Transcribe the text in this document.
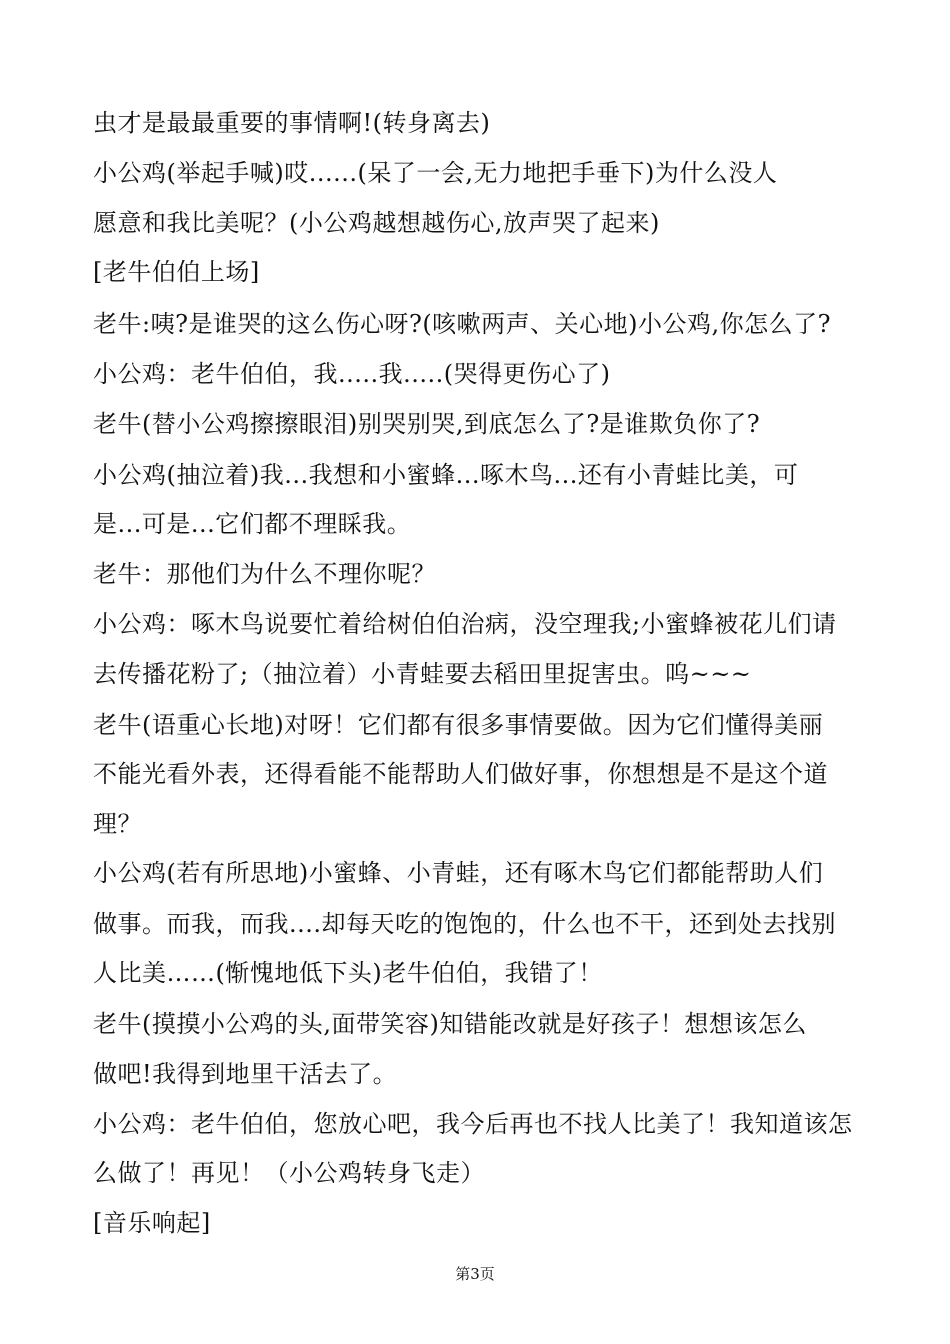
虫才是最最重要的事情啊!(转身离去)
小公鸡(举起手喊)哎......(呆了一会,无力地把手垂下)为什么没人
愿意和我比美呢？(小公鸡越想越伤心,放声哭了起来)
[老牛伯伯上场]
老牛:咦?是谁哭的这么伤心呀?(咳嗽两声、关心地)小公鸡,你怎么了?
小公鸡：老牛伯伯，我.....我.....(哭得更伤心了)
老牛(替小公鸡擦擦眼泪)别哭别哭,到底怎么了?是谁欺负你了?
小公鸡(抽泣着)我...我想和小蜜蜂...啄木鸟...还有小青蛙比美，可
是...可是...它们都不理睬我。
老牛：那他们为什么不理你呢？
小公鸡：啄木鸟说要忙着给树伯伯治病，没空理我;小蜜蜂被花儿们请
去传播花粉了;（抽泣着）小青蛙要去稻田里捉害虫。呜~~~
老牛(语重心长地)对呀！它们都有很多事情要做。因为它们懂得美丽
不能光看外表，还得看能不能帮助人们做好事，你想想是不是这个道
理？
小公鸡(若有所思地)小蜜蜂、小青蛙，还有啄木鸟它们都能帮助人们
做事。而我，而我....却每天吃的饱饱的，什么也不干，还到处去找别
人比美……(惭愧地低下头)老牛伯伯，我错了！
老牛(摸摸小公鸡的头,面带笑容)知错能改就是好孩子！想想该怎么
做吧!我得到地里干活去了。
小公鸡：老牛伯伯，您放心吧，我今后再也不找人比美了！我知道该怎
么做了！再见！（小公鸡转身飞走）
[音乐响起]
第3页
